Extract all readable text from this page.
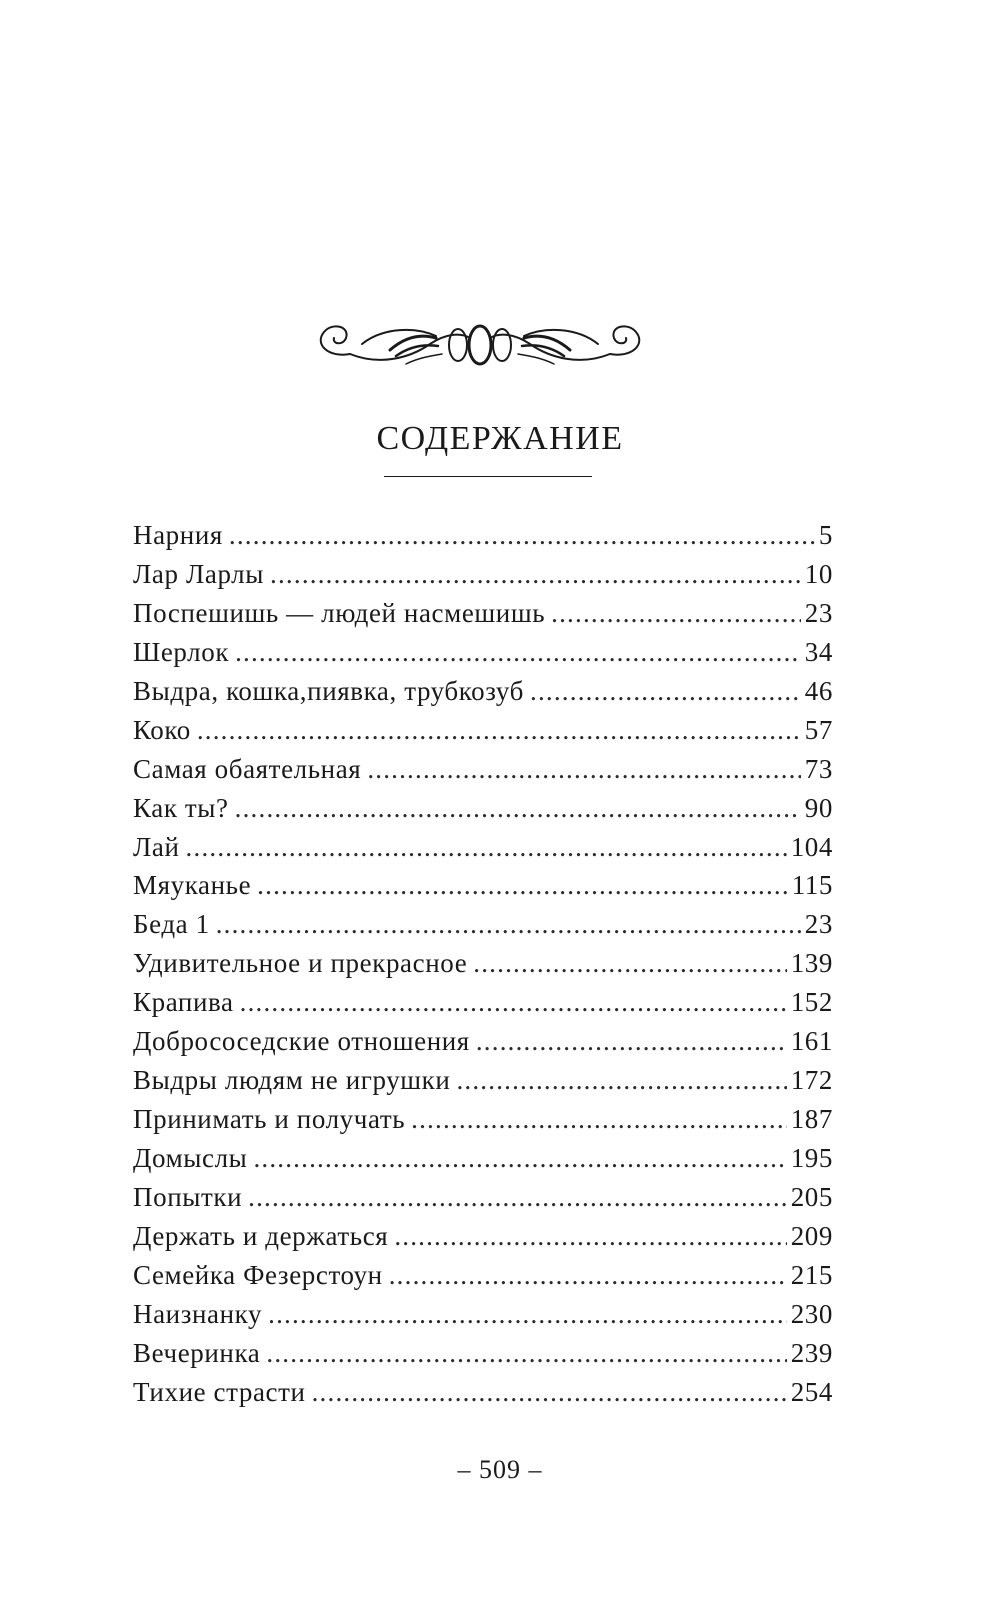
СОДЕРЖАНИЕ
Нарния .....	5
Лар Ларлы .....	10
Поспешишь — людей насмешишь .....	23
Шерлок .....	34
Выдра, кошка,пиявка, трубкозуб .....	46
Коко .....	57
Самая обаятельная .....	73
Как ты? .....	90
Лай .....	104
Мяуканье .....	115
Беда 1 .....	23
Удивительное и прекрасное .....	139
Крапива .....	152
Добрососедские отношения .....	161
Выдры людям не игрушки .....	172
Принимать и получать .....	187
Домыслы .....	195
Попытки .....	205
Держать и держаться .....	209
Семейка Фезерстоун .....	215
Наизнанку .....	230
Вечеринка .....	239
Тихие страсти .....	254
– 509 –
